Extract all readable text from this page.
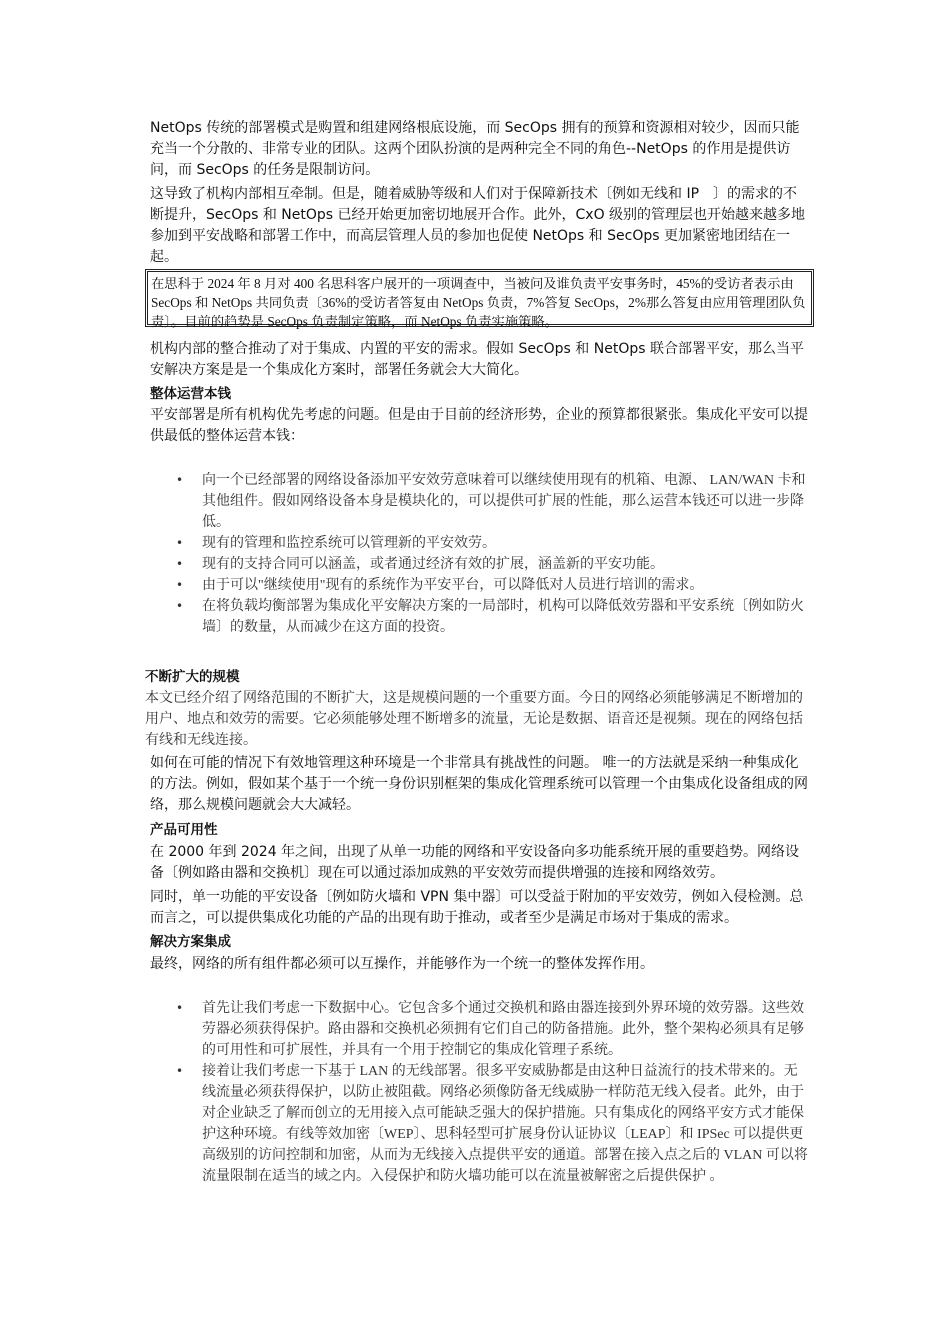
NetOps 传统的部署模式是购置和组建网络根底设施，而 SecOps 拥有的预算和资源相对较少，因而只能充当一个分散的、非常专业的团队。这两个团队扮演的是两种完全不同的角色--NetOps 的作用是提供访问，而 SecOps 的任务是限制访问。

这导致了机构内部相互牵制。但是，随着威胁等级和人们对于保障新技术〔例如无线和 IP　〕的需求的不断提升，SecOps 和 NetOps 已经开始更加密切地展开合作。此外，CxO 级别的管理层也开始越来越多地参加到平安战略和部署工作中，而高层管理人员的参加也促使 NetOps 和 SecOps 更加紧密地团结在一起。

在思科于 2024 年 8 月对 400 名思科客户展开的一项调查中，当被问及谁负责平安事务时，45%的受访者表示由 SecOps 和 NetOps 共同负责〔36%的受访者答复由 NetOps 负责，7%答复 SecOps，2%那么答复由应用管理团队负责〕。目前的趋势是 SecOps 负责制定策略，而 NetOps 负责实施策略。

机构内部的整合推动了对于集成、内置的平安的需求。假如 SecOps 和 NetOps 联合部署平安，那么当平安解决方案是是一个集成化方案时，部署任务就会大大简化。

整体运营本钱

平安部署是所有机构优先考虑的问题。但是由于目前的经济形势，企业的预算都很紧张。集成化平安可以提供最低的整体运营本钱：

• 向一个已经部署的网络设备添加平安效劳意味着可以继续使用现有的机箱、电源、 LAN/WAN 卡和其他组件。假如网络设备本身是模块化的，可以提供可扩展的性能，那么运营本钱还可以进一步降低。
• 现有的管理和监控系统可以管理新的平安效劳。
• 现有的支持合同可以涵盖，或者通过经济有效的扩展，涵盖新的平安功能。
• 由于可以"继续使用"现有的系统作为平安平台，可以降低对人员进行培训的需求。
• 在将负载均衡部署为集成化平安解决方案的一局部时，机构可以降低效劳器和平安系统〔例如防火墙〕的数量，从而减少在这方面的投资。
不断扩大的规模

本文已经介绍了网络范围的不断扩大，这是规模问题的一个重要方面。今日的网络必须能够满足不断增加的用户、地点和效劳的需要。它必须能够处理不断增多的流量，无论是数据、语音还是视频。现在的网络包括有线和无线连接。

如何在可能的情况下有效地管理这种环境是一个非常具有挑战性的问题。 唯一的方法就是采纳一种集成化的方法。例如，假如某个基于一个统一身份识别框架的集成化管理系统可以管理一个由集成化设备组成的网络，那么规模问题就会大大减轻。

产品可用性

在 2000 年到 2024 年之间，出现了从单一功能的网络和平安设备向多功能系统开展的重要趋势。网络设备〔例如路由器和交换机〕现在可以通过添加成熟的平安效劳而提供增强的连接和网络效劳。

同时，单一功能的平安设备〔例如防火墙和 VPN 集中器〕可以受益于附加的平安效劳，例如入侵检测。总而言之，可以提供集成化功能的产品的出现有助于推动，或者至少是满足市场对于集成的需求。

解决方案集成

最终，网络的所有组件都必须可以互操作，并能够作为一个统一的整体发挥作用。

• 首先让我们考虑一下数据中心。它包含多个通过交换机和路由器连接到外界环境的效劳器。这些效劳器必须获得保护。路由器和交换机必须拥有它们自己的防备措施。此外，整个架构必须具有足够的可用性和可扩展性，并具有一个用于控制它的集成化管理子系统。
• 接着让我们考虑一下基于 LAN 的无线部署。很多平安威胁都是由这种日益流行的技术带来的。无线流量必须获得保护，以防止被阻截。网络必须像防备无线威胁一样防范无线入侵者。此外，由于对企业缺乏了解而创立的无用接入点可能缺乏强大的保护措施。只有集成化的网络平安方式才能保护这种环境。有线等效加密〔WEP〕、思科轻型可扩展身份认证协议〔LEAP〕和 IPSec 可以提供更高级别的访问控制和加密，从而为无线接入点提供平安的通道。部署在接入点之后的 VLAN 可以将流量限制在适当的域之内。入侵保护和防火墙功能可以在流量被解密之后提供保护 。
